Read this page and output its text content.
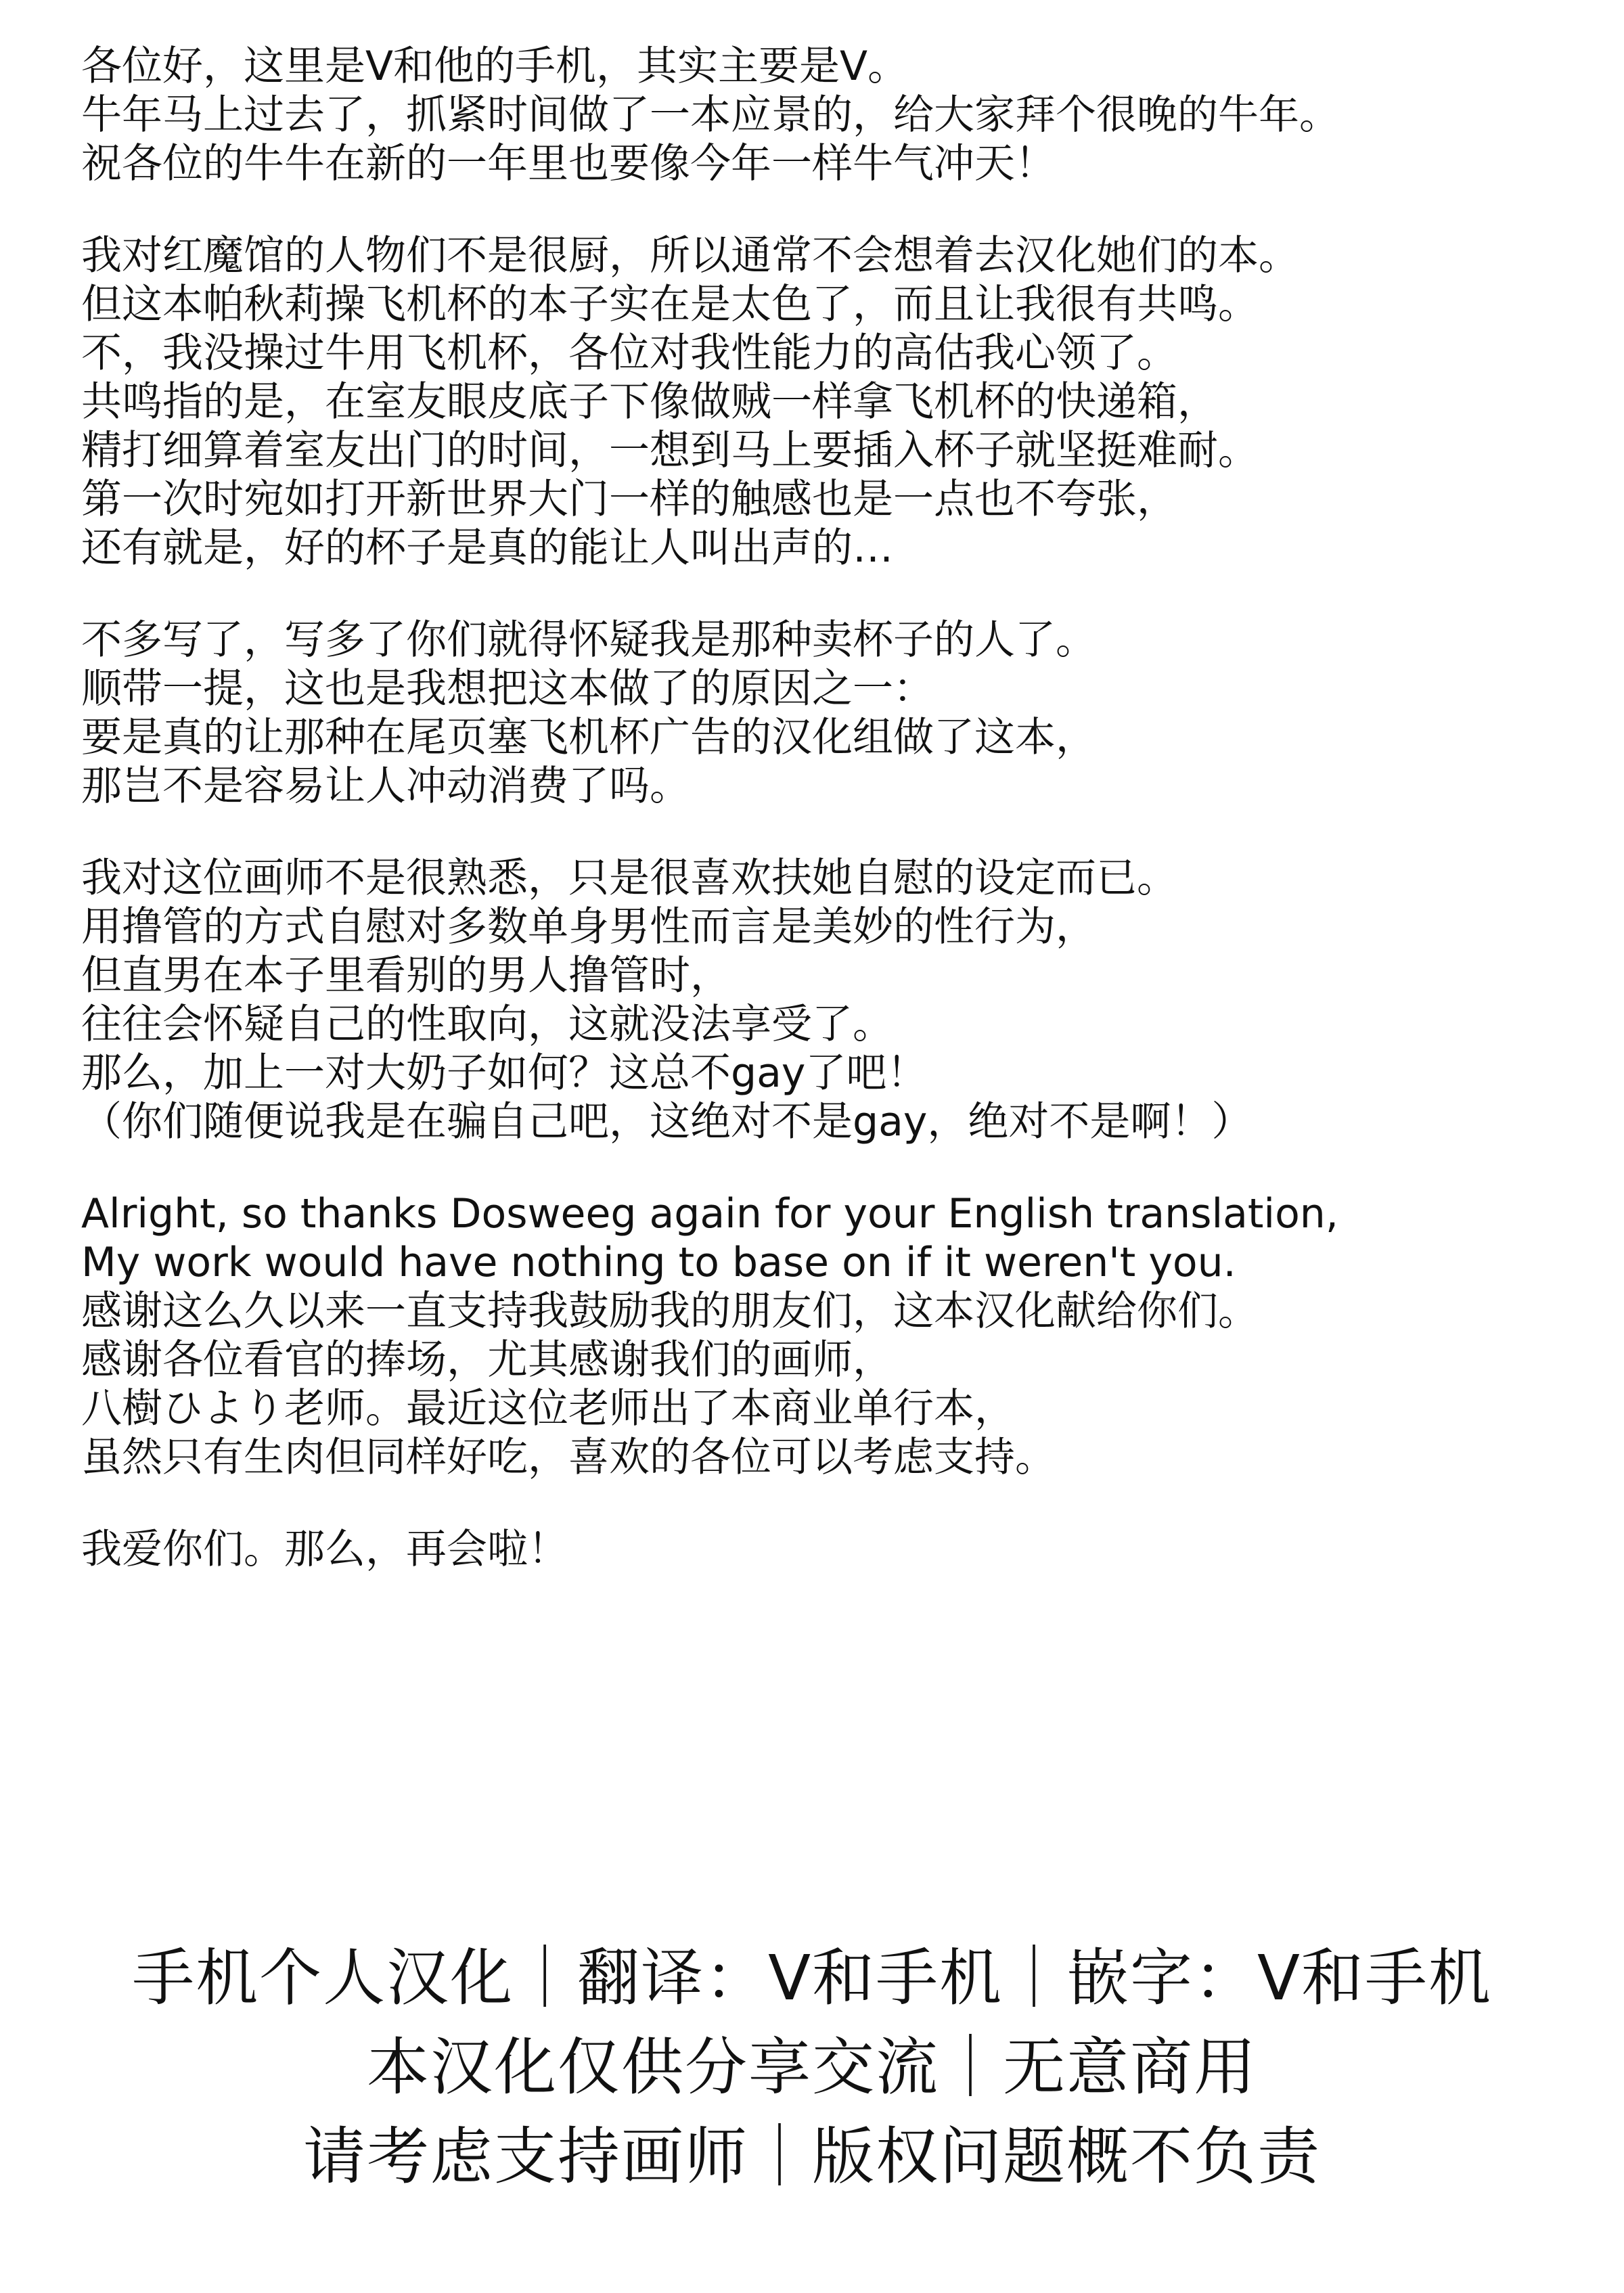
各位好，这里是V和他的手机，其实主要是V。
牛年马上过去了，抓紧时间做了一本应景的，给大家拜个很晚的牛年。
祝各位的牛牛在新的一年里也要像今年一样牛气冲天！
我对红魔馆的人物们不是很厨，所以通常不会想着去汉化她们的本。
但这本帕秋莉操飞机杯的本子实在是太色了，而且让我很有共鸣。
不，我没操过牛用飞机杯，各位对我性能力的高估我心领了。
共鸣指的是，在室友眼皮底子下像做贼一样拿飞机杯的快递箱，
精打细算着室友出门的时间，一想到马上要插入杯子就坚挺难耐。
第一次时宛如打开新世界大门一样的触感也是一点也不夸张，
还有就是，好的杯子是真的能让人叫出声的…
不多写了，写多了你们就得怀疑我是那种卖杯子的人了。
顺带一提，这也是我想把这本做了的原因之一：
要是真的让那种在尾页塞飞机杯广告的汉化组做了这本，
那岂不是容易让人冲动消费了吗。
我对这位画师不是很熟悉，只是很喜欢扶她自慰的设定而已。
用撸管的方式自慰对多数单身男性而言是美妙的性行为，
但直男在本子里看别的男人撸管时，
往往会怀疑自己的性取向，这就没法享受了。
那么，加上一对大奶子如何？这总不gay了吧！
（你们随便说我是在骗自己吧，这绝对不是gay，绝对不是啊！）
Alright, so thanks Dosweeg again for your English translation,
My work would have nothing to base on if it weren't you.
感谢这么久以来一直支持我鼓励我的朋友们，这本汉化献给你们。
感谢各位看官的捧场，尤其感谢我们的画师，
八樹ひより老师。最近这位老师出了本商业单行本，
虽然只有生肉但同样好吃，喜欢的各位可以考虑支持。
我爱你们。那么，再会啦！
手机个人汉化｜翻译：V和手机｜嵌字：V和手机
本汉化仅供分享交流｜无意商用
请考虑支持画师｜版权问题概不负责
